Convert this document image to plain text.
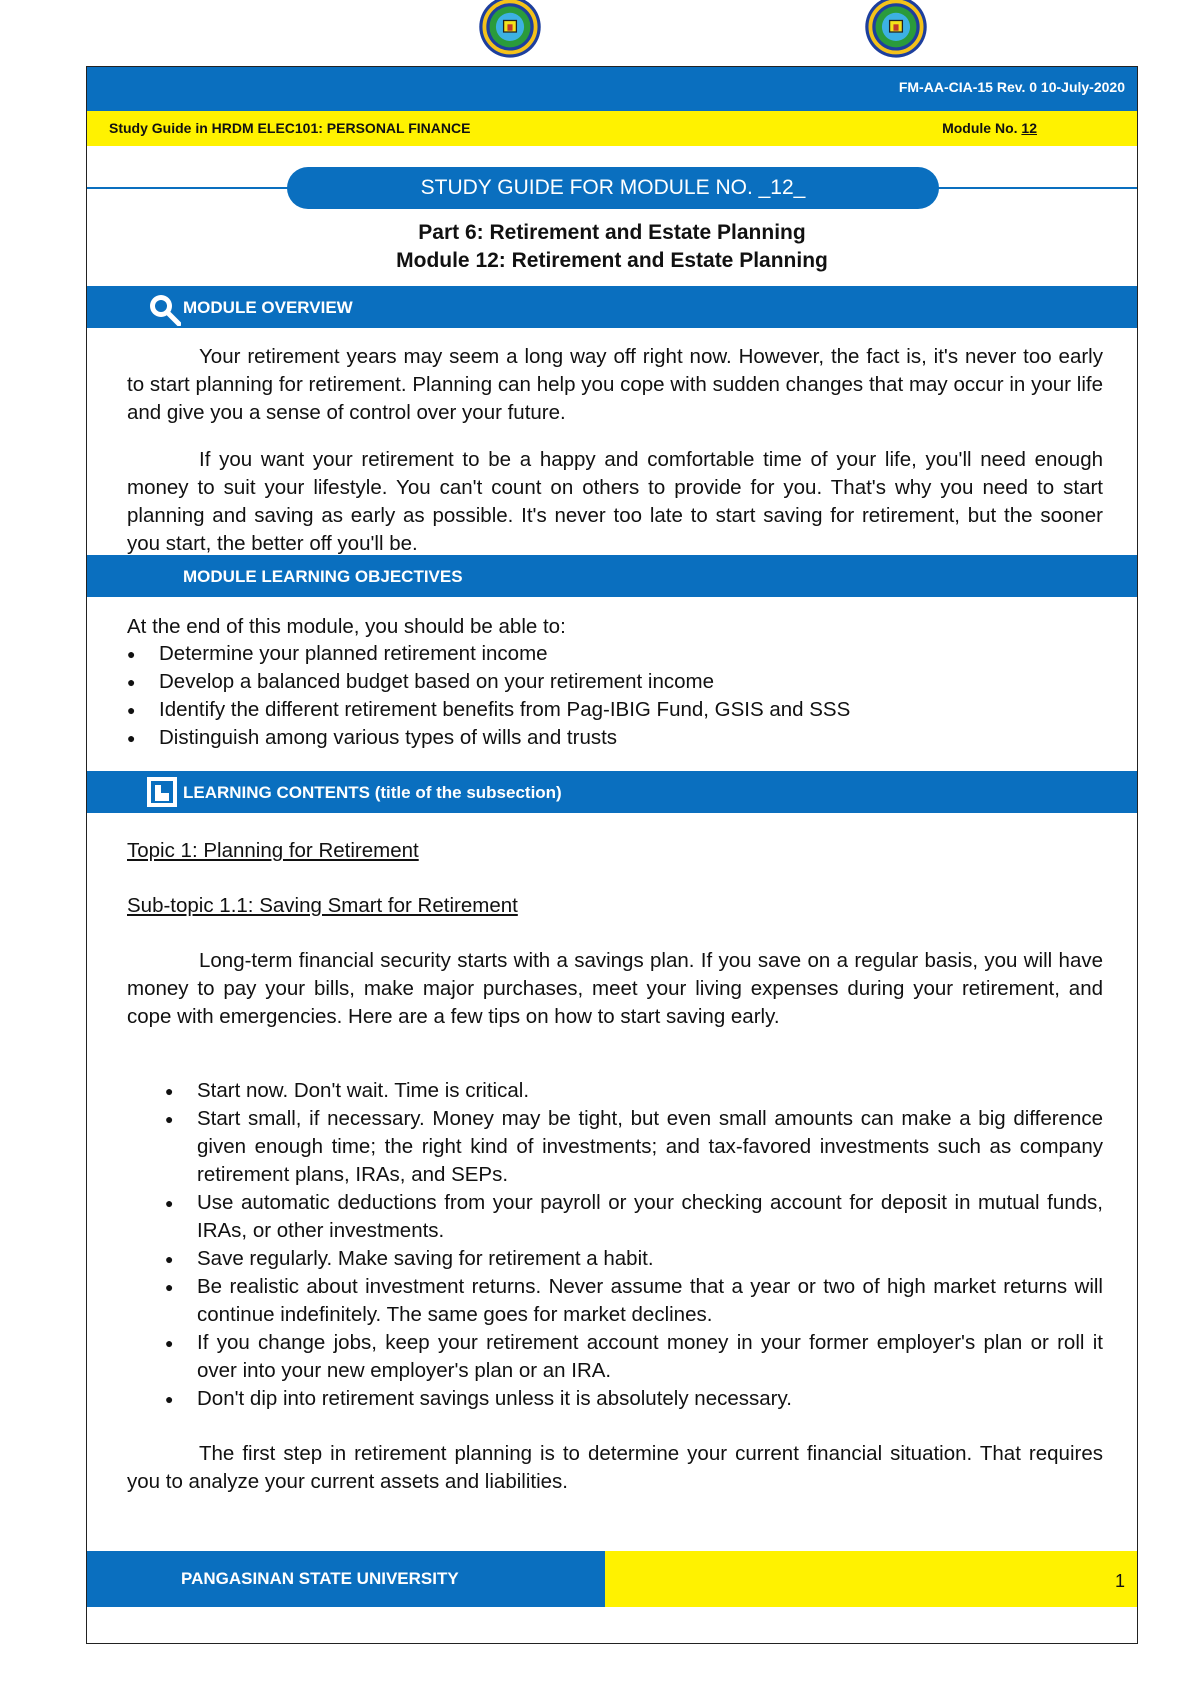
FM-AA-CIA-15 Rev. 0 10-July-2020
Study Guide in HRDM ELEC101: PERSONAL FINANCE	Module No. 12
STUDY GUIDE FOR MODULE NO. _12_
Part 6: Retirement and Estate Planning
Module 12: Retirement and Estate Planning
MODULE OVERVIEW

Your retirement years may seem a long way off right now. However, the fact is, it's never too early to start planning for retirement. Planning can help you cope with sudden changes that may occur in your life and give you a sense of control over your future.

If you want your retirement to be a happy and comfortable time of your life, you'll need enough money to suit your lifestyle. You can't count on others to provide for you. That's why you need to start planning and saving as early as possible. It's never too late to start saving for retirement, but the sooner you start, the better off you'll be.

MODULE LEARNING OBJECTIVES

At the end of this module, you should be able to:

● Determine your planned retirement income
● Develop a balanced budget based on your retirement income
● Identify the different retirement benefits from Pag-IBIG Fund, GSIS and SSS
● Distinguish among various types of wills and trusts
LEARNING CONTENTS (title of the subsection)

Topic 1: Planning for Retirement

Sub-topic 1.1: Saving Smart for Retirement

Long-term financial security starts with a savings plan. If you save on a regular basis, you will have money to pay your bills, make major purchases, meet your living expenses during your retirement, and cope with emergencies. Here are a few tips on how to start saving early.

● Start now. Don't wait. Time is critical.
● Start small, if necessary. Money may be tight, but even small amounts can make a big difference given enough time; the right kind of investments; and tax-favored investments such as company retirement plans, IRAs, and SEPs.
● Use automatic deductions from your payroll or your checking account for deposit in mutual funds, IRAs, or other investments.
● Save regularly. Make saving for retirement a habit.
● Be realistic about investment returns. Never assume that a year or two of high market returns will continue indefinitely. The same goes for market declines.
● If you change jobs, keep your retirement account money in your former employer's plan or roll it over into your new employer's plan or an IRA.
● Don't dip into retirement savings unless it is absolutely necessary.

The first step in retirement planning is to determine your current financial situation. That requires you to analyze your current assets and liabilities.

PANGASINAN STATE UNIVERSITY	1
